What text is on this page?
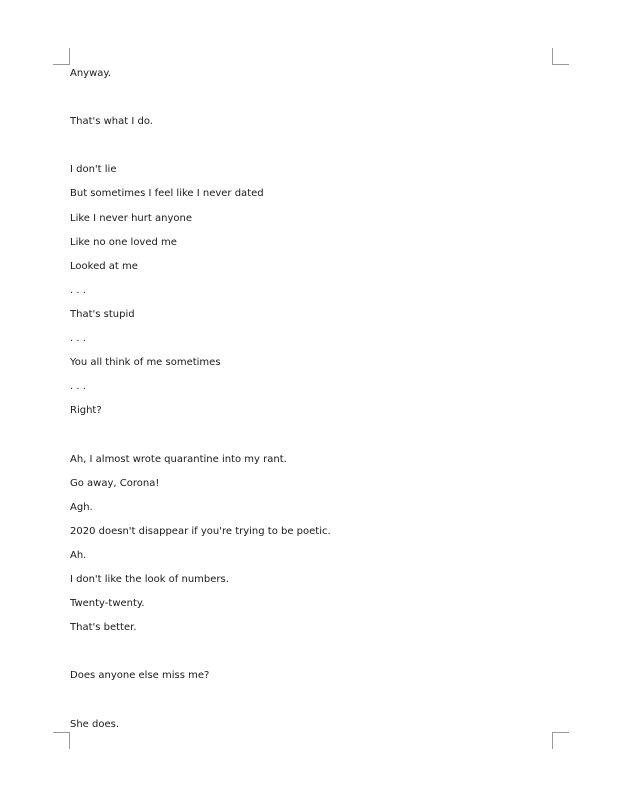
Anyway.
That's what I do.
I don't lie
But sometimes I feel like I never dated
Like I never hurt anyone
Like no one loved me
Looked at me
. . .
That's stupid
. . .
You all think of me sometimes
. . .
Right?
Ah, I almost wrote quarantine into my rant.
Go away, Corona!
Agh.
2020 doesn't disappear if you're trying to be poetic.
Ah.
I don't like the look of numbers.
Twenty-twenty.
That's better.
Does anyone else miss me?
She does.
